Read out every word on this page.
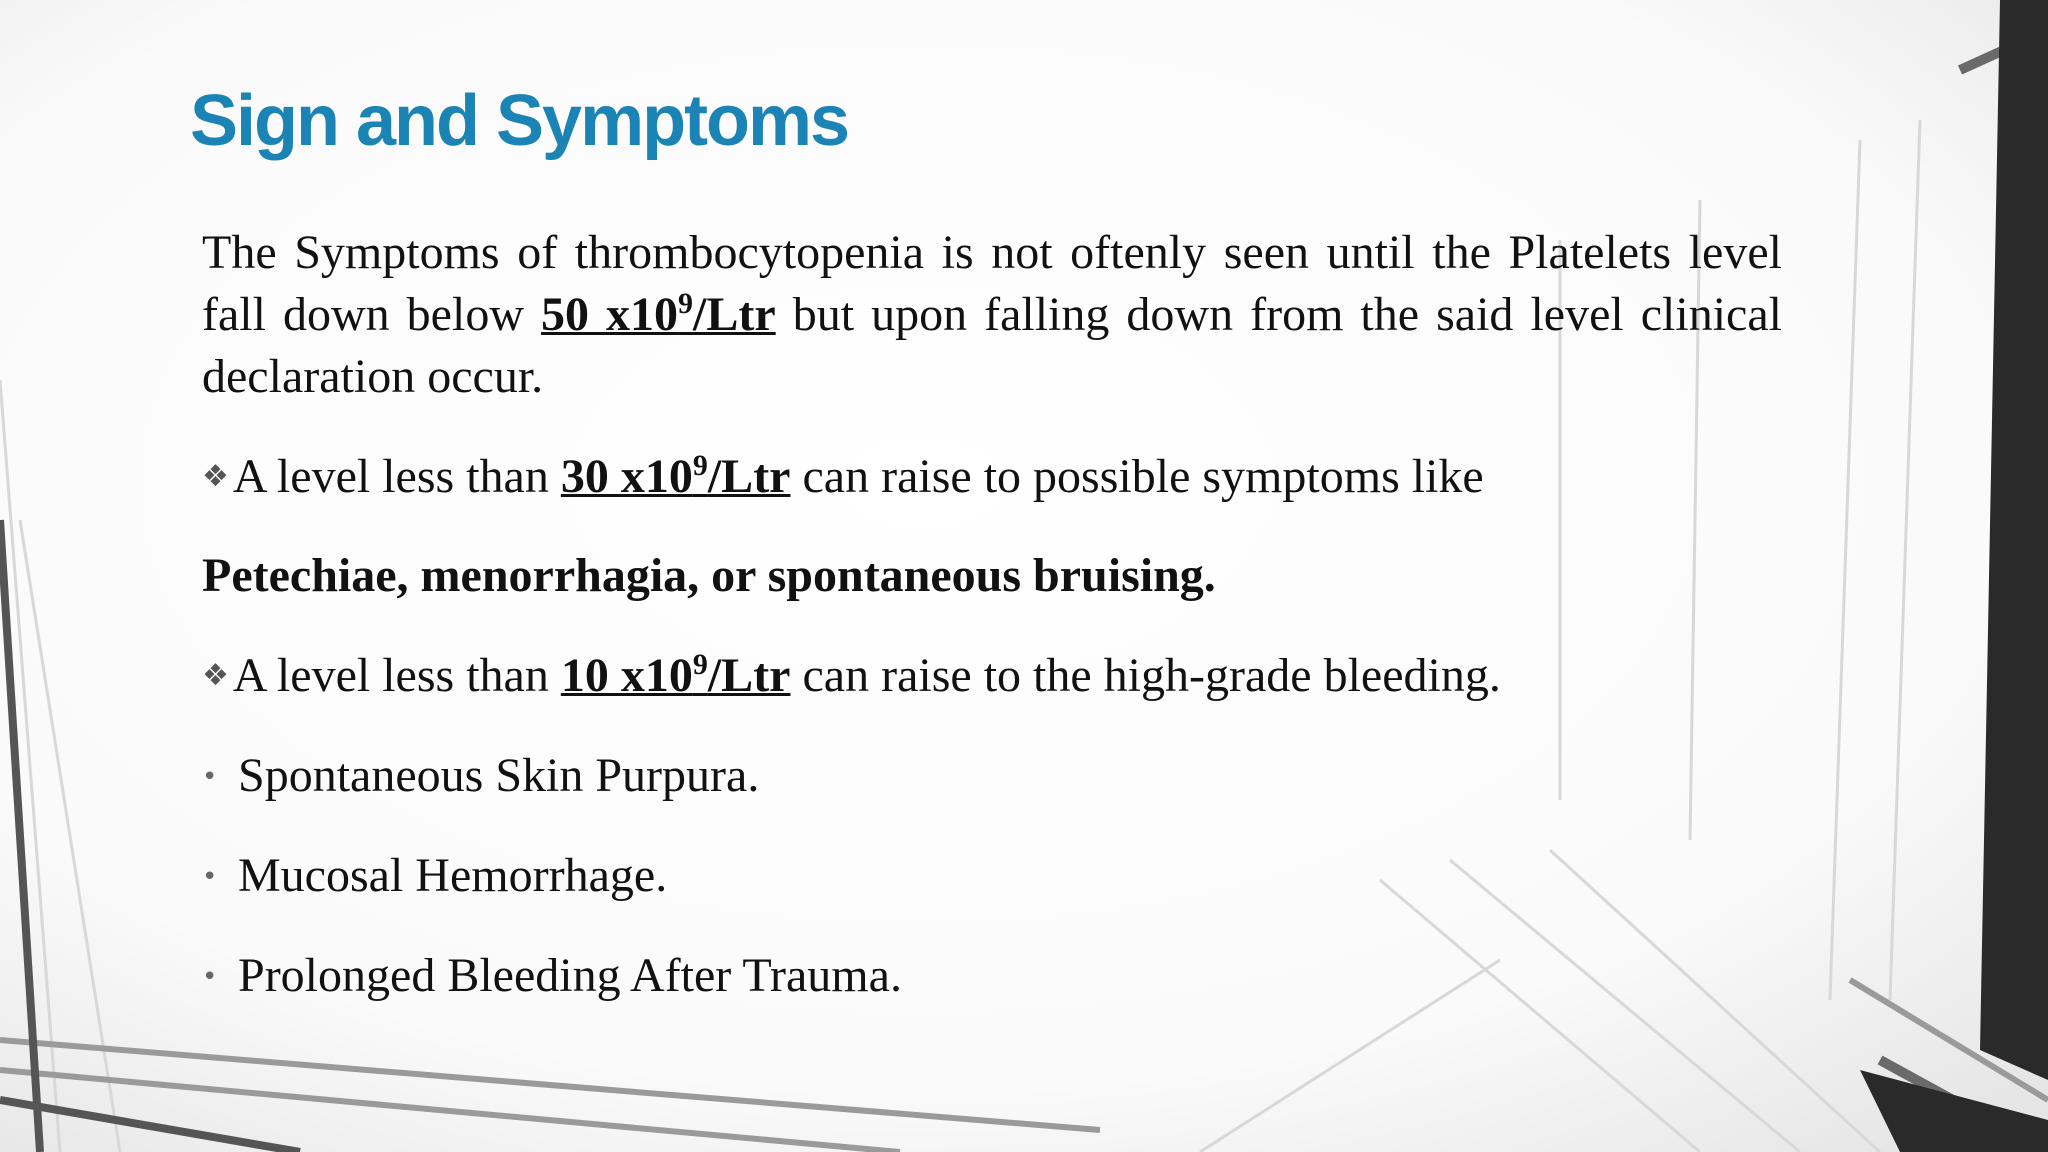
Sign and Symptoms

The Symptoms of thrombocytopenia is not oftenly seen until the Platelets level fall down below 50 $x10^9$/Ltr but upon falling down from the said level clinical declaration occur.

❖A level less than 30 $x10^9$/Ltr can raise to possible symptoms like

Petechiae, menorrhagia, or spontaneous bruising.

❖A level less than 10 $x10^9$/Ltr can raise to the high-grade bleeding.

• Spontaneous Skin Purpura.

• Mucosal Hemorrhage.

• Prolonged Bleeding After Trauma.
